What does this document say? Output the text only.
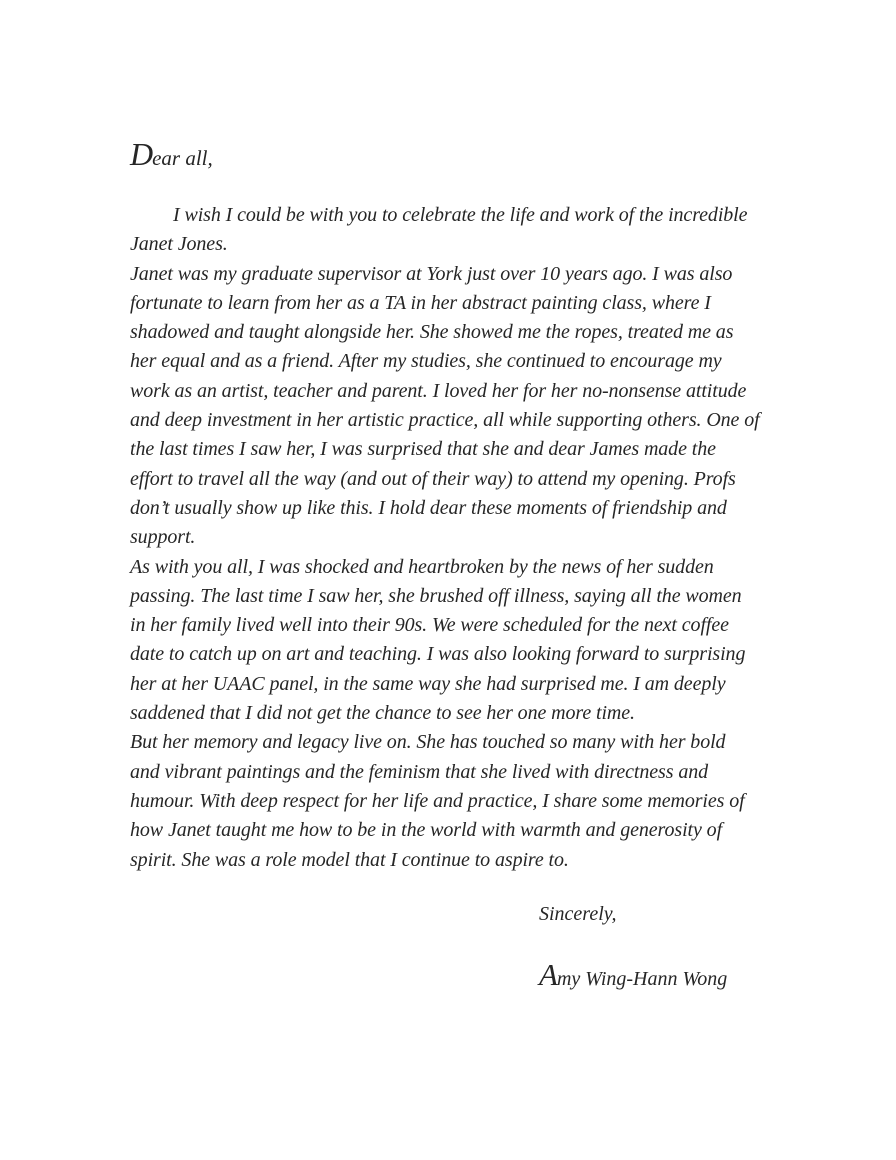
Dear all,
I wish I could be with you to celebrate the life and work of the incredible
Janet Jones.
Janet was my graduate supervisor at York just over 10 years ago. I was also
fortunate to learn from her as a TA in her abstract painting class, where I
shadowed and taught alongside her. She showed me the ropes, treated me as
her equal and as a friend. After my studies, she continued to encourage my
work as an artist, teacher and parent. I loved her for her no-nonsense attitude
and deep investment in her artistic practice, all while supporting others. One of
the last times I saw her, I was surprised that she and dear James made the
effort to travel all the way (and out of their way) to attend my opening. Profs
don’t usually show up like this. I hold dear these moments of friendship and
support.
As with you all, I was shocked and heartbroken by the news of her sudden
passing. The last time I saw her, she brushed off illness, saying all the women
in her family lived well into their 90s. We were scheduled for the next coffee
date to catch up on art and teaching. I was also looking forward to surprising
her at her UAAC panel, in the same way she had surprised me. I am deeply
saddened that I did not get the chance to see her one more time.
But her memory and legacy live on. She has touched so many with her bold
and vibrant paintings and the feminism that she lived with directness and
humour. With deep respect for her life and practice, I share some memories of
how Janet taught me how to be in the world with warmth and generosity of
spirit. She was a role model that I continue to aspire to.
Sincerely,
Amy Wing-Hann Wong
